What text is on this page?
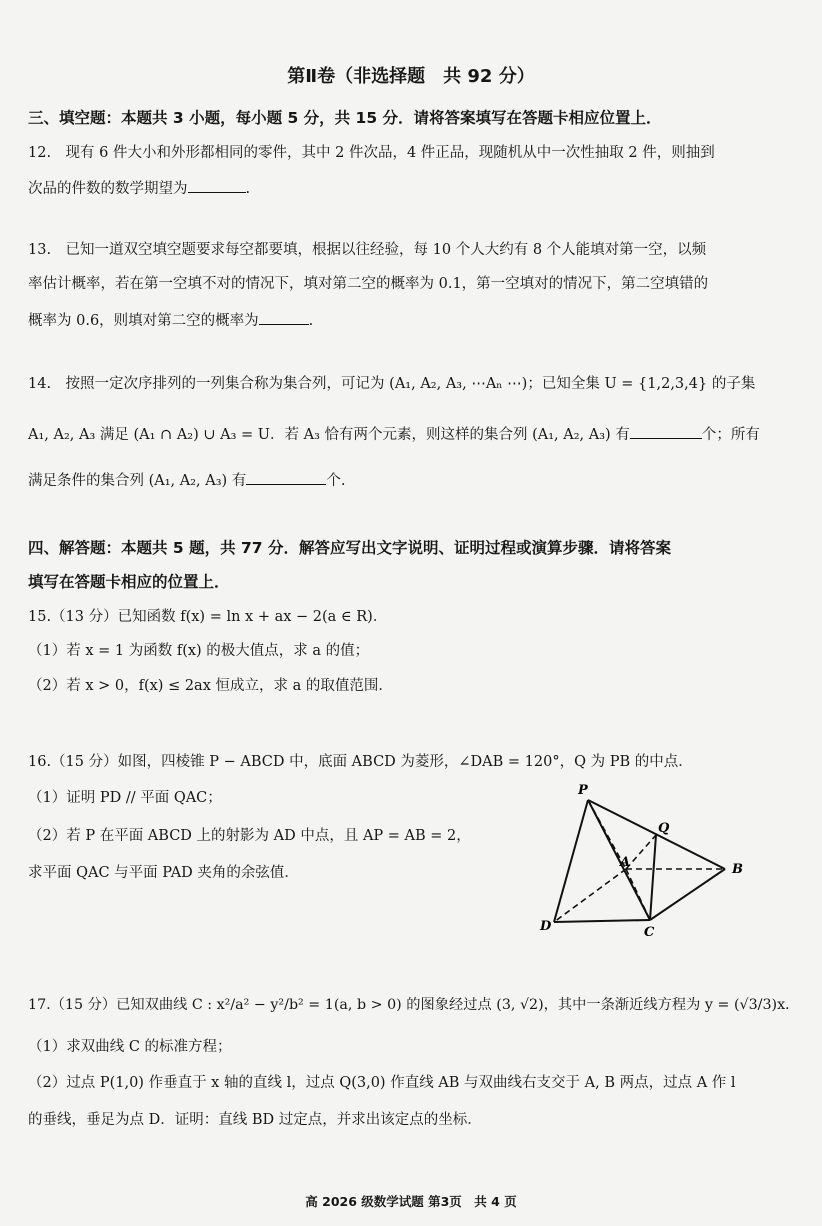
第Ⅱ卷（非选择题　共 92 分）
三、填空题：本题共 3 小题，每小题 5 分，共 15 分．请将答案填写在答题卡相应位置上．
12.　现有 6 件大小和外形都相同的零件，其中 2 件次品，4 件正品，现随机从中一次性抽取 2 件，则抽到
次品的件数的数学期望为	.
13.　已知一道双空填空题要求每空都要填，根据以往经验，每 10 个人大约有 8 个人能填对第一空，以频
率估计概率，若在第一空填不对的情况下，填对第二空的概率为 0.1，第一空填对的情况下，第二空填错的
概率为 0.6，则填对第二空的概率为	.
14.　按照一定次序排列的一列集合称为集合列，可记为 (A₁, A₂, A₃, ⋯Aₙ ⋯)；已知全集 U = {1,2,3,4} 的子集
A₁, A₂, A₃ 满足 (A₁ ∩ A₂) ∪ A₃ = U．若 A₃ 恰有两个元素，则这样的集合列 (A₁, A₂, A₃) 有	个；所有
满足条件的集合列 (A₁, A₂, A₃) 有	个.
四、解答题：本题共 5 题，共 77 分．解答应写出文字说明、证明过程或演算步骤．请将答案
填写在答题卡相应的位置上．
15.（13 分）已知函数 f(x) = ln x + ax − 2(a ∈ R)．
（1）若 x = 1 为函数 f(x) 的极大值点，求 a 的值；
（2）若 x > 0，f(x) ≤ 2ax 恒成立，求 a 的取值范围．
16.（15 分）如图，四棱锥 P − ABCD 中，底面 ABCD 为菱形，∠DAB = 120°，Q 为 PB 的中点．
（1）证明 PD // 平面 QAC；
（2）若 P 在平面 ABCD 上的射影为 AD 中点，且 AP = AB = 2，
求平面 QAC 与平面 PAD 夹角的余弦值．
P
Q
A	B
C
D
17.（15 分）已知双曲线 C : x²/a² − y²/b² = 1(a, b > 0) 的图象经过点 (3, √2)，其中一条渐近线方程为 y = (√3/3)x．
（1）求双曲线 C 的标准方程；
（2）过点 P(1,0) 作垂直于 x 轴的直线 l，过点 Q(3,0) 作直线 AB 与双曲线右支交于 A, B 两点，过点 A 作 l
的垂线，垂足为点 D．证明：直线 BD 过定点，并求出该定点的坐标．
高 2026 级数学试题 第3页　共 4 页
